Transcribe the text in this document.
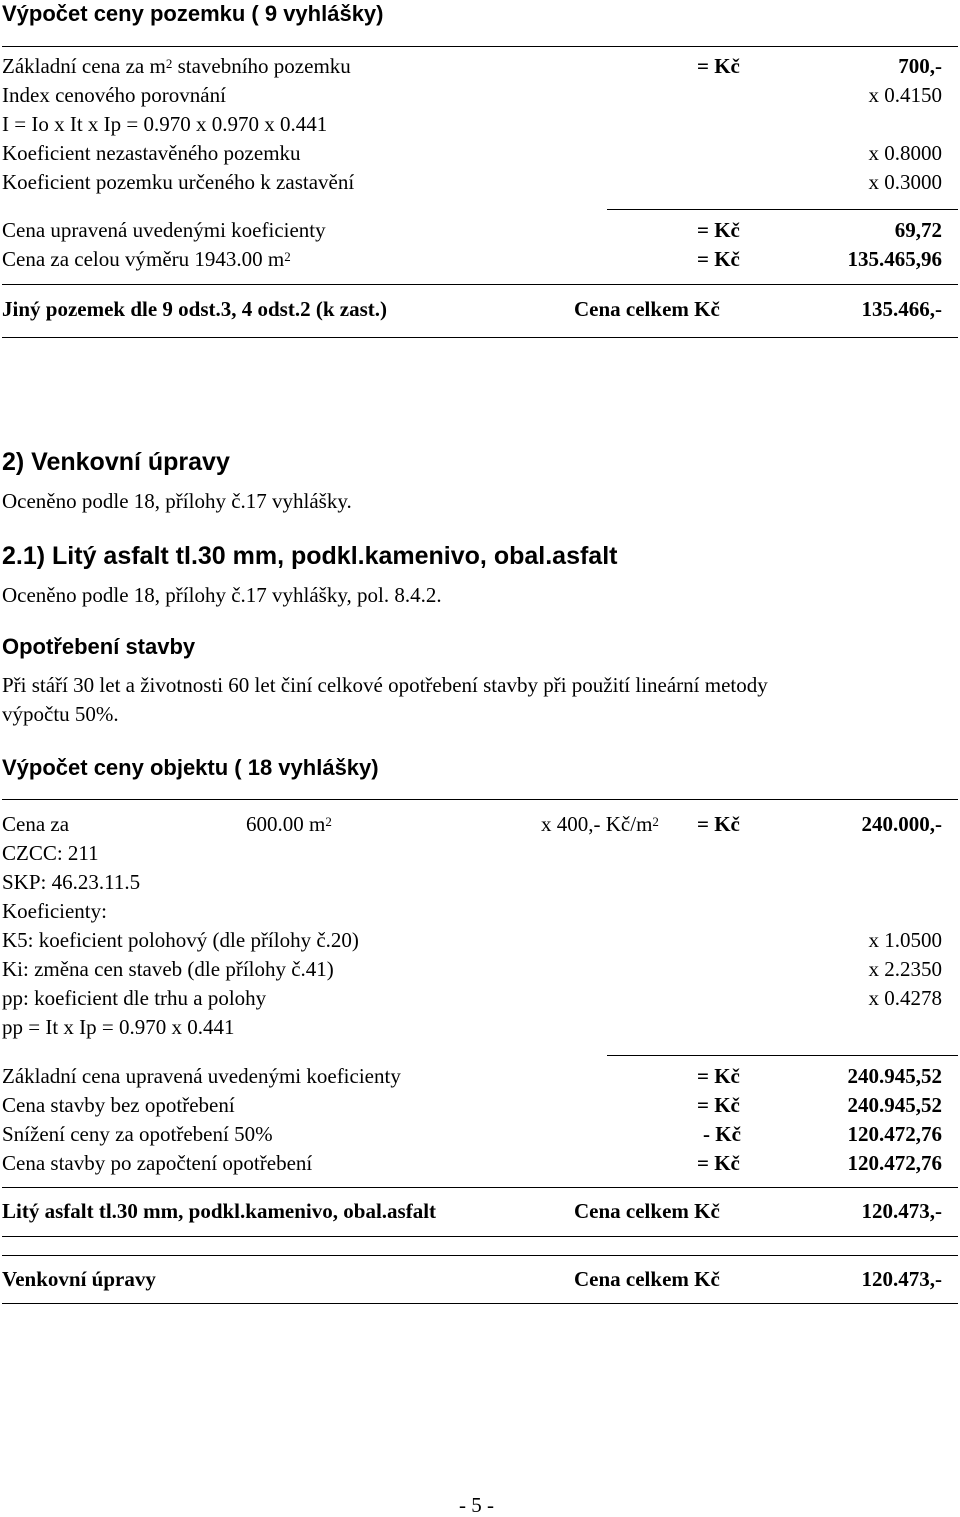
Výpočet ceny pozemku ( 9 vyhlášky)
Základní cena za $m^2$ stavebního pozemku	= Kč	700,-
Index cenového porovnání	x 0.4150
I = Io x It x Ip = 0.970 x 0.970 x 0.441
Koeficient nezastavěného pozemku	x 0.8000
Koeficient pozemku určeného k zastavění	x 0.3000
Cena upravená uvedenými koeficienty	= Kč	69,72
Cena za celou výměru 1943.00 $m^2$	= Kč	135.465,96
Jiný pozemek dle 9 odst.3, 4 odst.2 (k zast.)	Cena celkem Kč	135.466,-
2) Venkovní úpravy
Oceněno podle 18, přílohy č.17 vyhlášky.
2.1) Litý asfalt tl.30 mm, podkl.kamenivo, obal.asfalt
Oceněno podle 18, přílohy č.17 vyhlášky, pol. 8.4.2.
Opotřebení stavby
Při stáří 30 let a životnosti 60 let činí celkové opotřebení stavby při použití lineární metody
výpočtu 50%.
Výpočet ceny objektu ( 18 vyhlášky)
Cena za	600.00 $m^2$	x 400,- $Kč/m^2$ = Kč	240.000,-
CZCC: 211
SKP: 46.23.11.5
Koeficienty:
K5: koeficient polohový (dle přílohy č.20)	x 1.0500
Ki: změna cen staveb (dle přílohy č.41)	x 2.2350
pp: koeficient dle trhu a polohy	x 0.4278
pp = It x Ip = 0.970 x 0.441
Základní cena upravená uvedenými koeficienty	= Kč	240.945,52
Cena stavby bez opotřebení	= Kč	240.945,52
Snížení ceny za opotřebení 50%	- Kč	120.472,76
Cena stavby po započtení opotřebení	= Kč	120.472,76
Litý asfalt tl.30 mm, podkl.kamenivo, obal.asfalt	Cena celkem Kč	120.473,-
Venkovní úpravy	Cena celkem Kč	120.473,-
- 5 -
